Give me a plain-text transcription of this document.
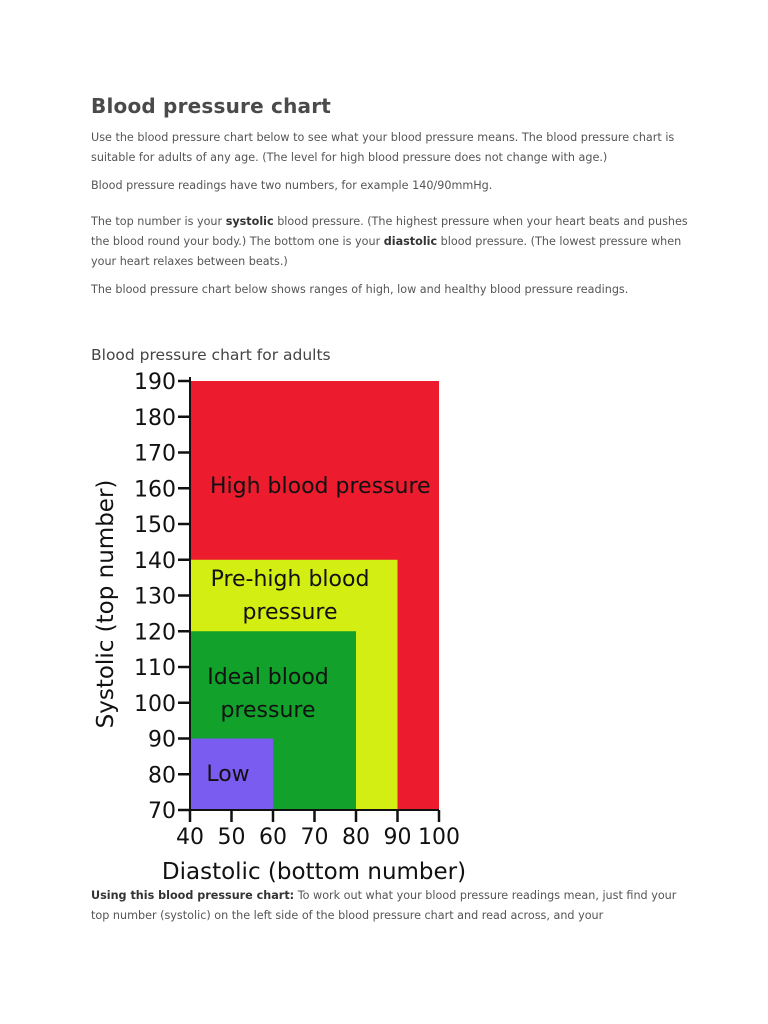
Blood pressure chart

Use the blood pressure chart below to see what your blood pressure means. The blood pressure chart is suitable for adults of any age. (The level for high blood pressure does not change with age.)

Blood pressure readings have two numbers, for example 140/90mmHg.

The top number is your systolic blood pressure. (The highest pressure when your heart beats and pushes the blood round your body.) The bottom one is your diastolic blood pressure. (The lowest pressure when your heart relaxes between beats.)

The blood pressure chart below shows ranges of high, low and healthy blood pressure readings.

Blood pressure chart for adults
190
180
170
160
150
140
130
120
110
100
90
80
70
40 50 60 70 80 90 100
High blood pressure
Pre-high blood
pressure
Ideal blood
pressure
Low
Diastolic (bottom number)
Systolic (top number)

Using this blood pressure chart: To work out what your blood pressure readings mean, just find your top number (systolic) on the left side of the blood pressure chart and read across, and your
